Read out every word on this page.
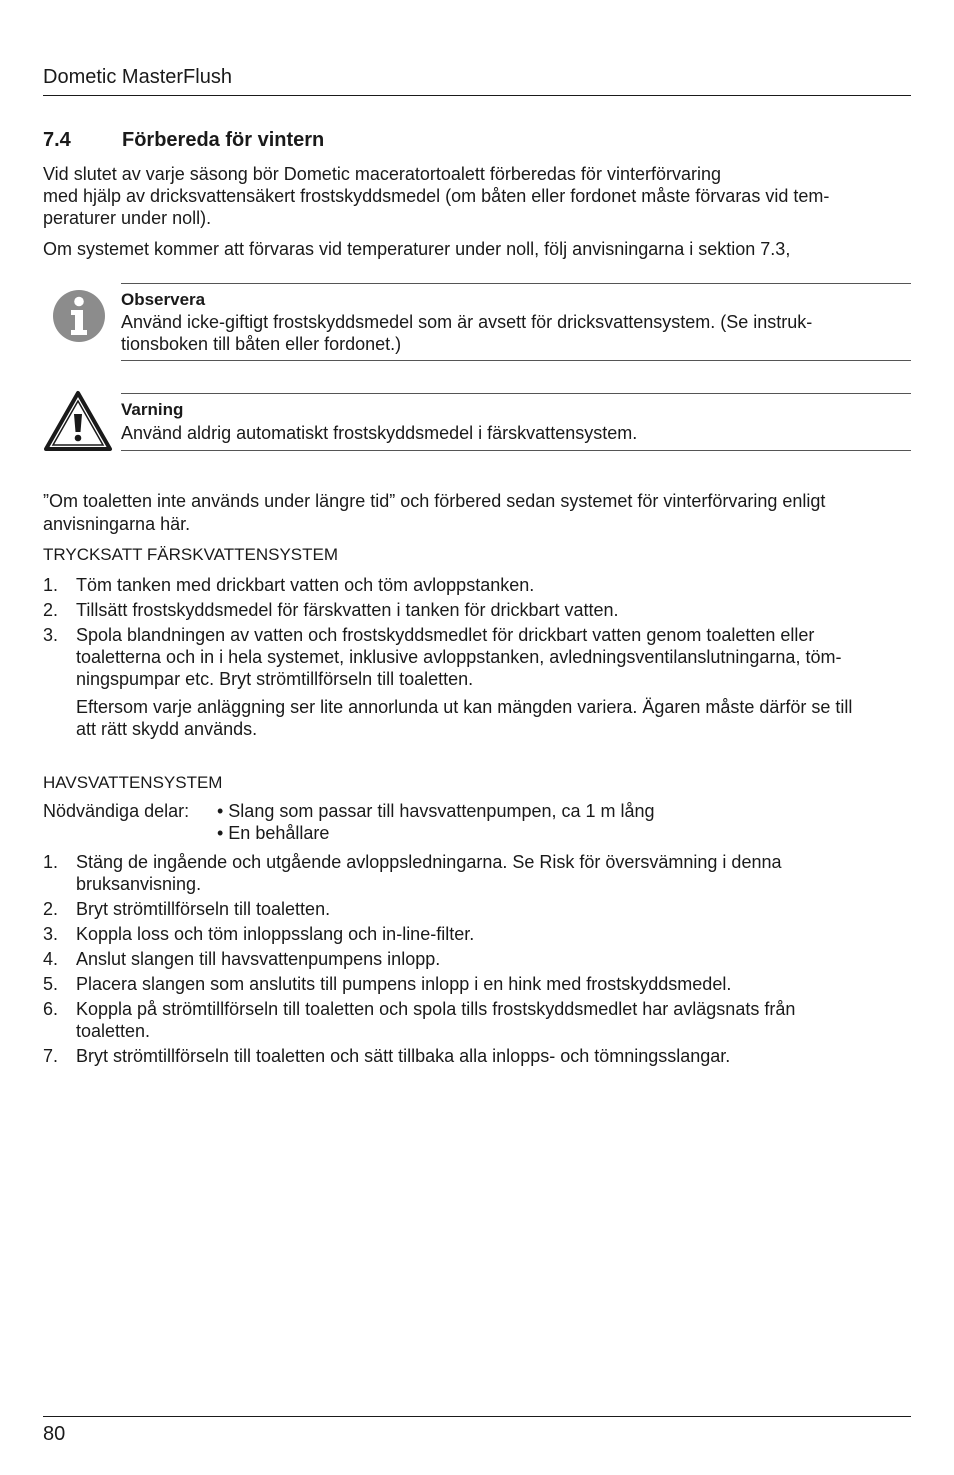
Dometic MasterFlush
7.4	Förbereda för vintern
Vid slutet av varje säsong bör Dometic maceratortoalett förberedas för vinterförvaring
med hjälp av dricksvattensäkert frostskyddsmedel (om båten eller fordonet måste förvaras vid tem-
peraturer under noll).
Om systemet kommer att förvaras vid temperaturer under noll, följ anvisningarna i sektion 7.3,
Observera
Använd icke-giftigt frostskyddsmedel som är avsett för dricksvattensystem. (Se instruk-
tionsboken till båten eller fordonet.)
Varning
Använd aldrig automatiskt frostskyddsmedel i färskvattensystem.
”Om toaletten inte används under längre tid” och förbered sedan systemet för vinterförvaring enligt
anvisningarna här.
TRYCKSATT FÄRSKVATTENSYSTEM
1. Töm tanken med drickbart vatten och töm avloppstanken.
2. Tillsätt frostskyddsmedel för färskvatten i tanken för drickbart vatten.
3. Spola blandningen av vatten och frostskyddsmedlet för drickbart vatten genom toaletten eller
toaletterna och in i hela systemet, inklusive avloppstanken, avledningsventilanslutningarna, töm-
ningspumpar etc. Bryt strömtillförseln till toaletten.
Eftersom varje anläggning ser lite annorlunda ut kan mängden variera. Ägaren måste därför se till
att rätt skydd används.
HAVSVATTENSYSTEM
Nödvändiga delar: • Slang som passar till havsvattenpumpen, ca 1 m lång
• En behållare
1. Stäng de ingående och utgående avloppsledningarna. Se Risk för översvämning i denna
bruksanvisning.
2. Bryt strömtillförseln till toaletten.
3. Koppla loss och töm inloppsslang och in-line-filter.
4. Anslut slangen till havsvattenpumpens inlopp.
5. Placera slangen som anslutits till pumpens inlopp i en hink med frostskyddsmedel.
6. Koppla på strömtillförseln till toaletten och spola tills frostskyddsmedlet har avlägsnats från
toaletten.
7. Bryt strömtillförseln till toaletten och sätt tillbaka alla inlopps- och tömningsslangar.
80
